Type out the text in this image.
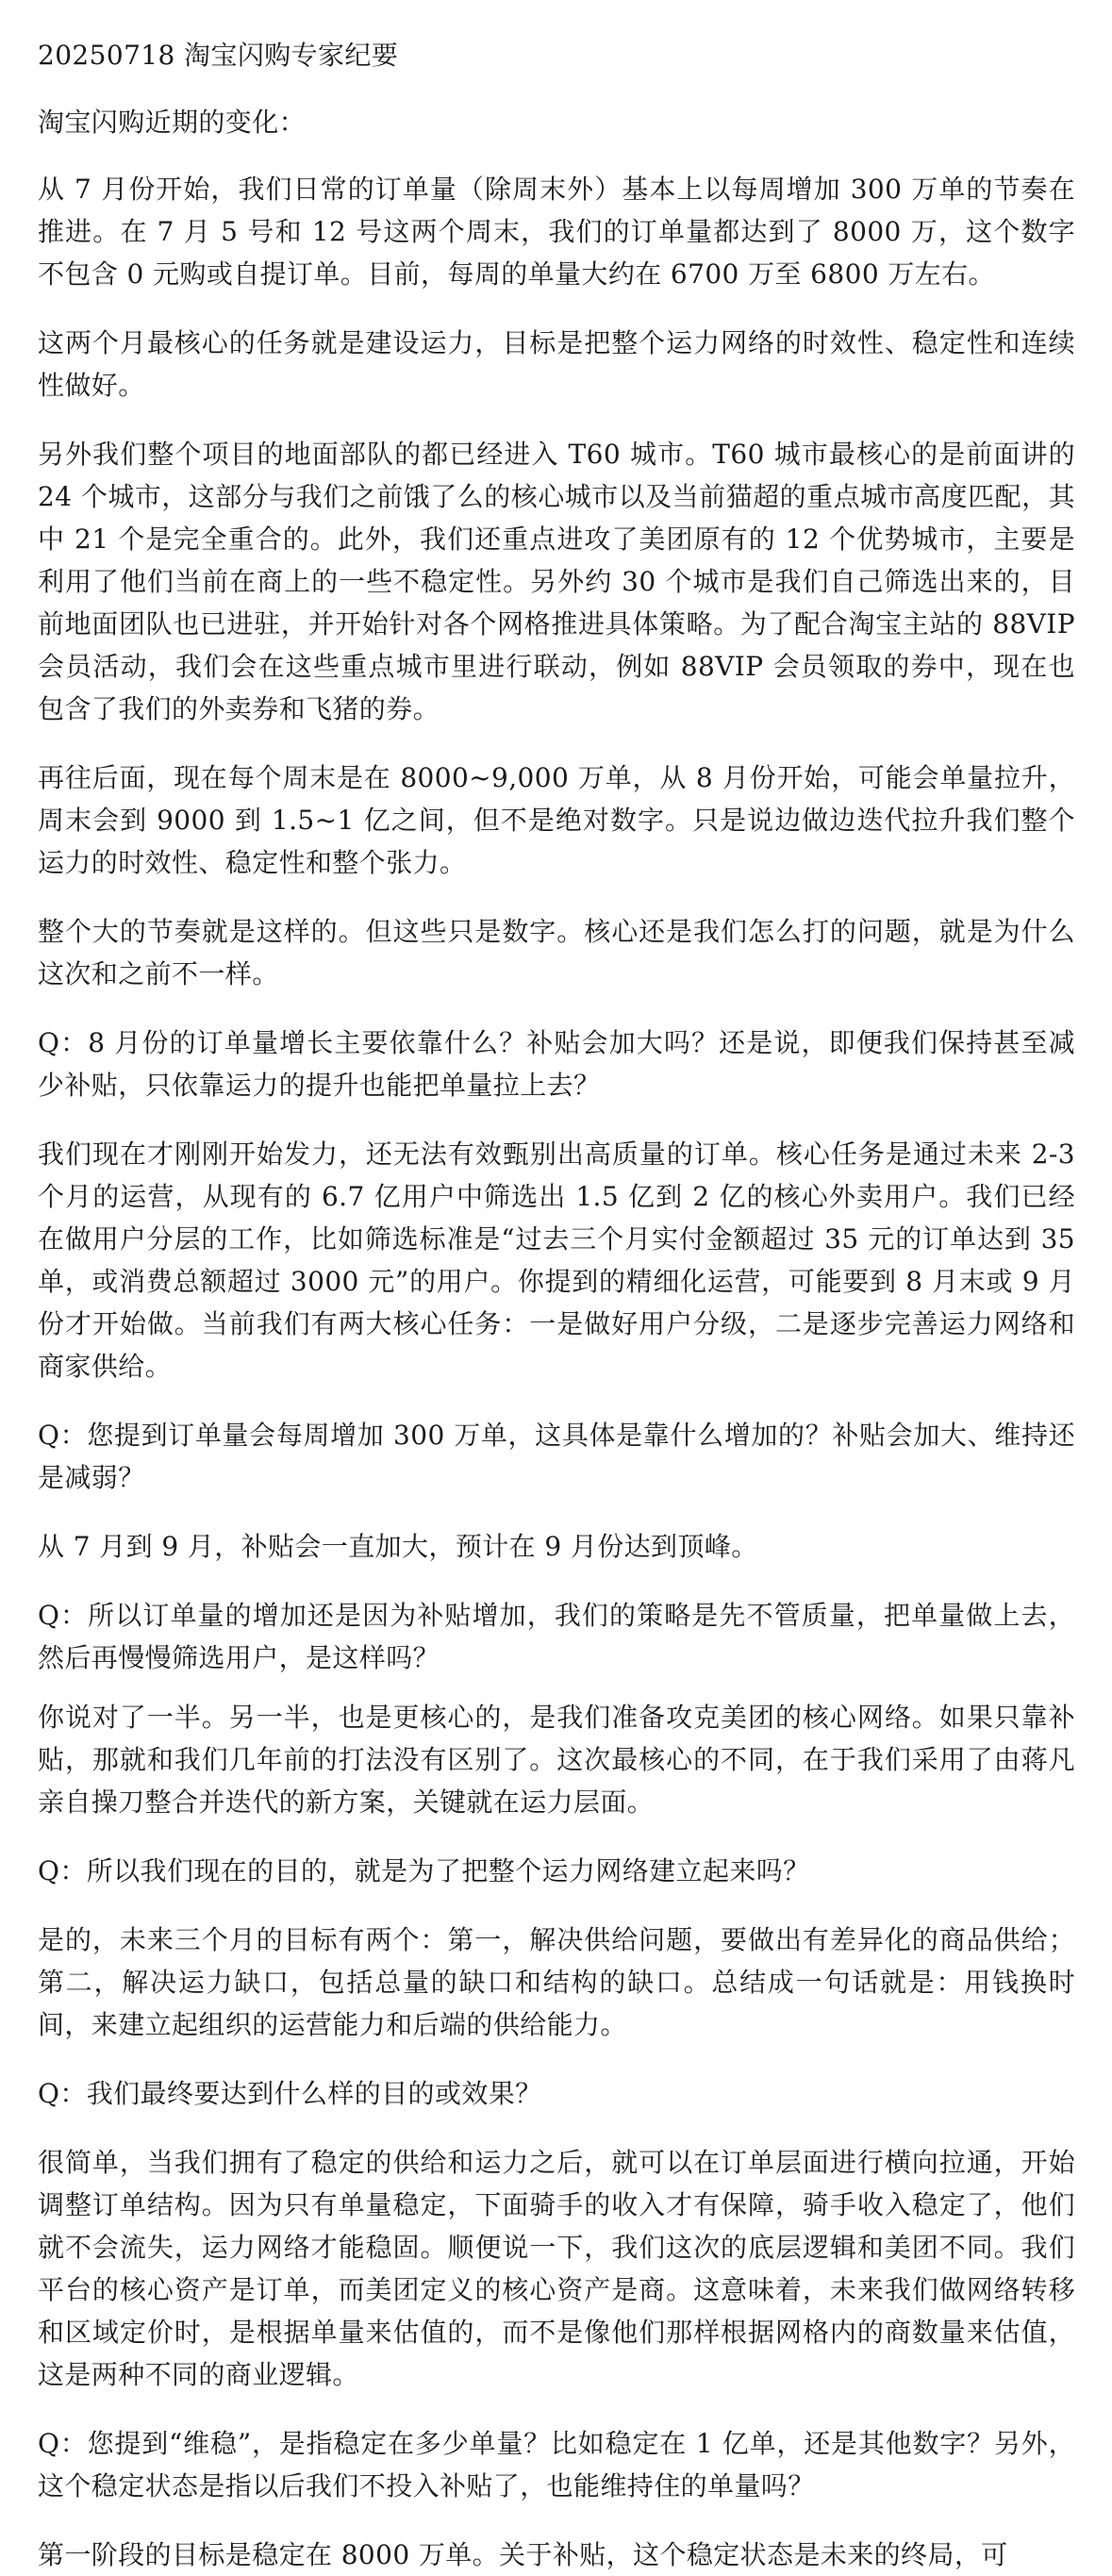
20250718 淘宝闪购专家纪要

淘宝闪购近期的变化：

从 7 月份开始，我们日常的订单量（除周末外）基本上以每周增加 300 万单的节奏在推进。在 7 月 5 号和 12 号这两个周末，我们的订单量都达到了 8000 万，这个数字不包含 0 元购或自提订单。目前，每周的单量大约在 6700 万至 6800 万左右。

这两个月最核心的任务就是建设运力，目标是把整个运力网络的时效性、稳定性和连续性做好。

另外我们整个项目的地面部队的都已经进入 T60 城市。T60 城市最核心的是前面讲的 24 个城市，这部分与我们之前饿了么的核心城市以及当前猫超的重点城市高度匹配，其中 21 个是完全重合的。此外，我们还重点进攻了美团原有的 12 个优势城市，主要是利用了他们当前在商上的一些不稳定性。另外约 30 个城市是我们自己筛选出来的，目前地面团队也已进驻，并开始针对各个网格推进具体策略。为了配合淘宝主站的 88VIP 会员活动，我们会在这些重点城市里进行联动，例如 88VIP 会员领取的券中，现在也包含了我们的外卖券和飞猪的券。

再往后面，现在每个周末是在 8000~9,000 万单，从 8 月份开始，可能会单量拉升，周末会到 9000 到 1.5~1 亿之间，但不是绝对数字。只是说边做边迭代拉升我们整个运力的时效性、稳定性和整个张力。

整个大的节奏就是这样的。但这些只是数字。核心还是我们怎么打的问题，就是为什么这次和之前不一样。

Q：8 月份的订单量增长主要依靠什么？补贴会加大吗？还是说，即便我们保持甚至减少补贴，只依靠运力的提升也能把单量拉上去？

我们现在才刚刚开始发力，还无法有效甄别出高质量的订单。核心任务是通过未来 2-3 个月的运营，从现有的 6.7 亿用户中筛选出 1.5 亿到 2 亿的核心外卖用户。我们已经在做用户分层的工作，比如筛选标准是“过去三个月实付金额超过 35 元的订单达到 35 单，或消费总额超过 3000 元”的用户。你提到的精细化运营，可能要到 8 月末或 9 月份才开始做。当前我们有两大核心任务：一是做好用户分级，二是逐步完善运力网络和商家供给。

Q：您提到订单量会每周增加 300 万单，这具体是靠什么增加的？补贴会加大、维持还是减弱？

从 7 月到 9 月，补贴会一直加大，预计在 9 月份达到顶峰。

Q：所以订单量的增加还是因为补贴增加，我们的策略是先不管质量，把单量做上去，然后再慢慢筛选用户，是这样吗？

你说对了一半。另一半，也是更核心的，是我们准备攻克美团的核心网络。如果只靠补贴，那就和我们几年前的打法没有区别了。这次最核心的不同，在于我们采用了由蒋凡亲自操刀整合并迭代的新方案，关键就在运力层面。

Q：所以我们现在的目的，就是为了把整个运力网络建立起来吗？

是的，未来三个月的目标有两个：第一，解决供给问题，要做出有差异化的商品供给；第二，解决运力缺口，包括总量的缺口和结构的缺口。总结成一句话就是：用钱换时间，来建立起组织的运营能力和后端的供给能力。

Q：我们最终要达到什么样的目的或效果？

很简单，当我们拥有了稳定的供给和运力之后，就可以在订单层面进行横向拉通，开始调整订单结构。因为只有单量稳定，下面骑手的收入才有保障，骑手收入稳定了，他们就不会流失，运力网络才能稳固。顺便说一下，我们这次的底层逻辑和美团不同。我们平台的核心资产是订单，而美团定义的核心资产是商。这意味着，未来我们做网络转移和区域定价时，是根据单量来估值的，而不是像他们那样根据网格内的商数量来估值，这是两种不同的商业逻辑。

Q：您提到“维稳”，是指稳定在多少单量？比如稳定在 1 亿单，还是其他数字？另外，这个稳定状态是指以后我们不投入补贴了，也能维持住的单量吗？

第一阶段的目标是稳定在 8000 万单。关于补贴，这个稳定状态是未来的终局，可
